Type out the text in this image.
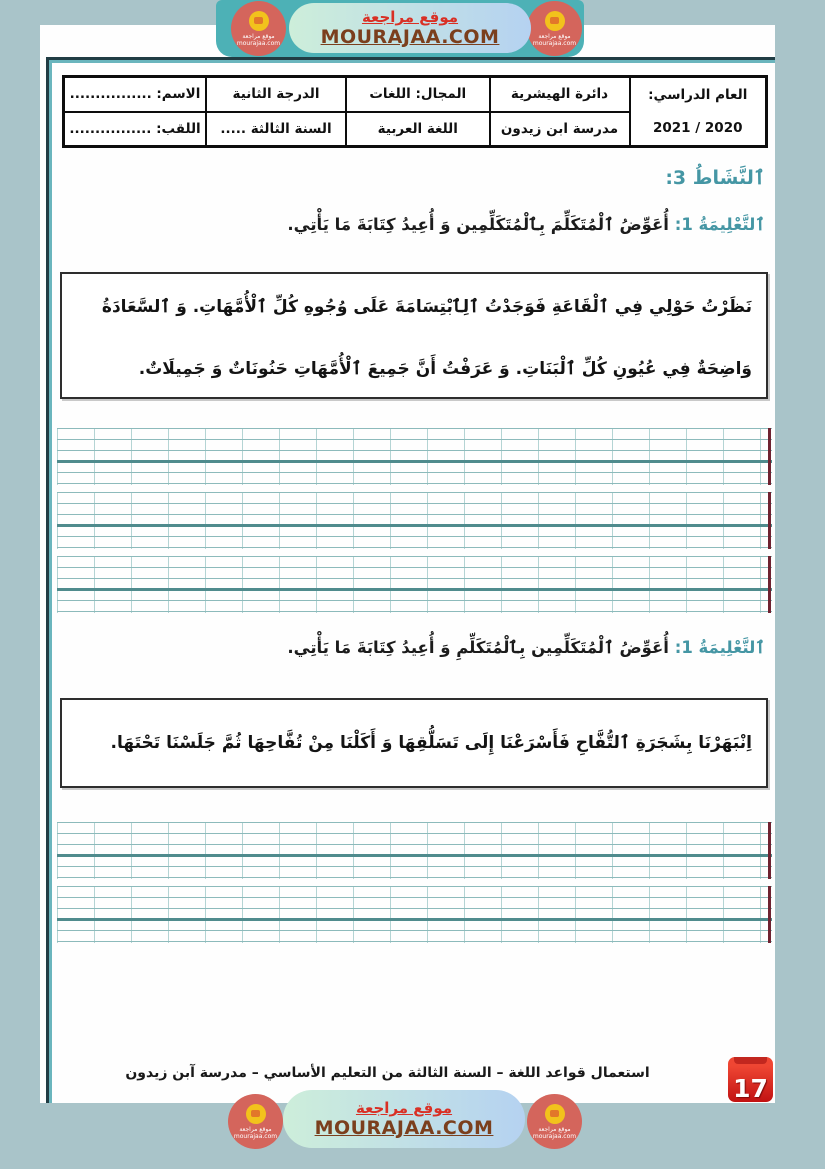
العام الدراسي:
2021 / 2020
دائرة الهيشرية
مدرسة ابن زيدون
المجال: اللغات
اللغة العربية
الدرجة الثانية
السنة الثالثة .....
الاسم: ................
اللقب: ................
ٱلنَّشَاطُ 3:
ٱلتَّعْلِيمَةُ 1: أُعَوِّضُ ٱلْمُتَكَلِّمَ بِٱلْمُتَكَلِّمِين وَ أُعِيدُ كِتَابَةَ مَا يَأْتِي.
نَظَرْتُ حَوْلِي فِي ٱلْقَاعَةِ فَوَجَدْتُ ٱلِٱبْتِسَامَةَ عَلَى وُجُوهِ كُلِّ ٱلْأُمَّهَاتِ. وَ ٱلسَّعَادَةُ
وَاضِحَةٌ فِي عُيُونِ كُلِّ ٱلْبَنَاتِ. وَ عَرَفْتُ أَنَّ جَمِيعَ ٱلْأُمَّهَاتِ حَنُونَاتٌ وَ جَمِيلَاتٌ.
ٱلتَّعْلِيمَةُ 1: أُعَوِّضُ ٱلْمُتَكَلِّمِين بِٱلْمُتَكَلِّمِ وَ أُعِيدُ كِتَابَةَ مَا يَأْتِي.
اِنْبَهَرْنَا بِشَجَرَةِ ٱلتُّفَّاحِ فَأَسْرَعْنَا إِلَى تَسَلُّقِهَا وَ أَكَلْنَا مِنْ تُفَّاحِهَا ثُمَّ جَلَسْنَا تَحْتَهَا.
استعمال قواعد اللغة – السنة الثالثة من التعليم الأساسي – مدرسة آبن زيدون
17
موقع مراجعة
mourajaa.com
موقع مراجعة
mourajaa.com
موقع مراجعة
MOURAJAA.COM
موقع مراجعة
mourajaa.com
موقع مراجعة
mourajaa.com
موقع مراجعة
MOURAJAA.COM
